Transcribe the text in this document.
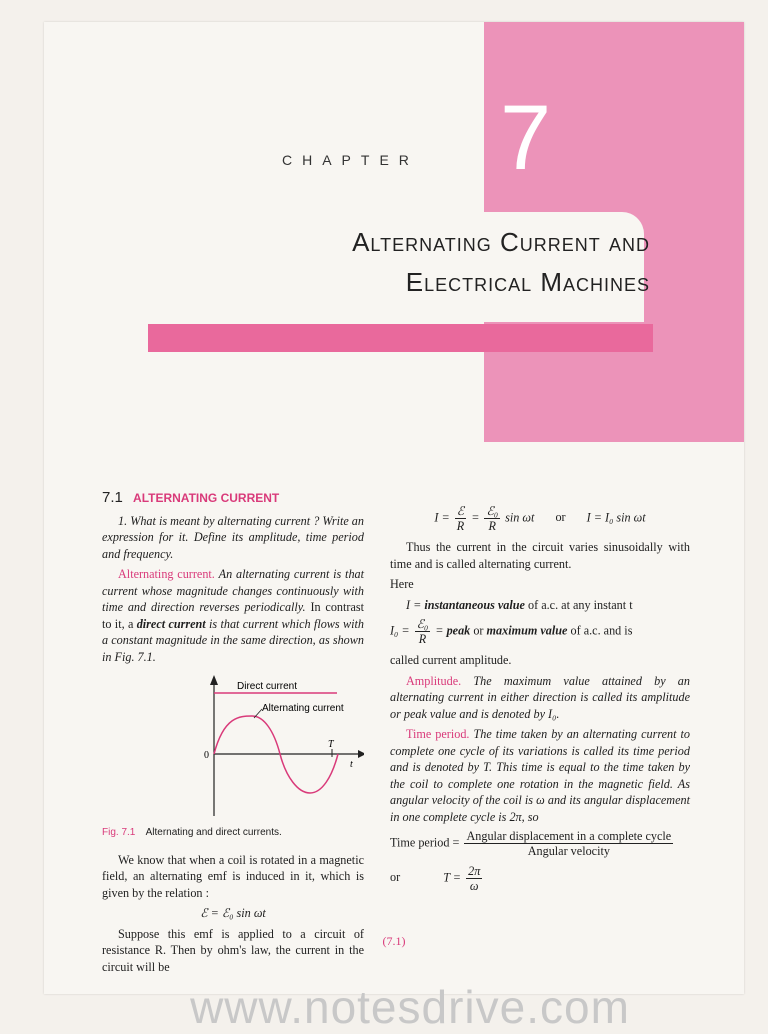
CHAPTER 7
Alternating Current and
Electrical Machines
7.1 ALTERNATING CURRENT

1. What is meant by alternating current ? Write an expression for it. Define its amplitude, time period and frequency.

Alternating current. An alternating current is that current whose magnitude changes continuously with time and direction reverses periodically. In contrast to it, a direct current is that current which flows with a constant magnitude in the same direction, as shown in Fig. 7.1.

Direct current
Alternating current
T
t
0
Fig. 7.1 Alternating and direct currents.

We know that when a coil is rotated in a magnetic field, an alternating emf is induced in it, which is given by the relation :

ℰ = ℰ₀ sin ωt

Suppose this emf is applied to a circuit of resistance R. Then by ohm's law, the current in the circuit will be

$I = \frac{\text{ℰ}}{R} = \frac{\text{ℰ₀}}{R}$ sin ωt or I = I₀ sin ωt

Thus the current in the circuit varies sinusoidally with time and is called alternating current.

Here

I = instantaneous value of a.c. at any instant t

$I_0 = \frac{\text{ℰ₀}}{R}$ = peak or maximum value of a.c. and is

called current amplitude.

Amplitude. The maximum value attained by an alternating current in either direction is called its amplitude or peak value and is denoted by I₀.

Time period. The time taken by an alternating current to complete one cycle of its variations is called its time period and is denoted by T. This time is equal to the time taken by the coil to complete one rotation in the magnetic field. As angular velocity of the coil is ω and its angular displacement in one complete cycle is 2π, so

Time period = $\frac{\text{Angular displacement in a complete cycle}}{\text{Angular velocity}}$

or	$T = \frac{2\pi}{\omega}$

(7.1)
www.notesdrive.com
